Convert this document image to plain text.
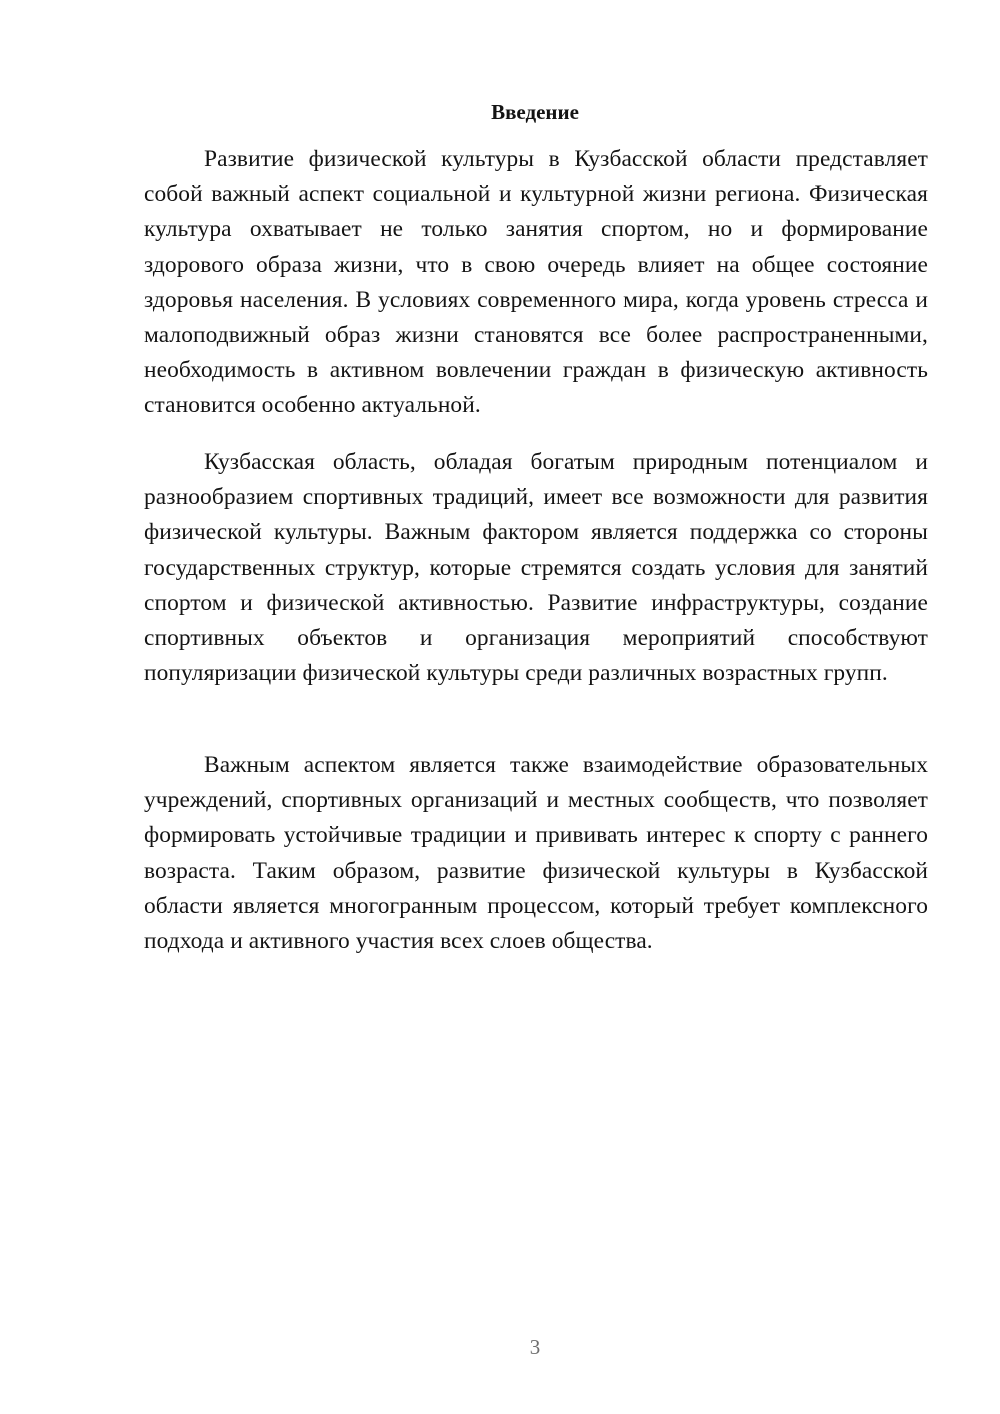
Введение

Развитие физической культуры в Кузбасской области представляет собой важный аспект социальной и культурной жизни региона. Физическая культура охватывает не только занятия спортом, но и формирование здорового образа жизни, что в свою очередь влияет на общее состояние здоровья населения. В условиях современного мира, когда уровень стресса и малоподвижный образ жизни становятся все более распространенными, необходимость в активном вовлечении граждан в физическую активность становится особенно актуальной.

Кузбасская область, обладая богатым природным потенциалом и разнообразием спортивных традиций, имеет все возможности для развития физической культуры. Важным фактором является поддержка со стороны государственных структур, которые стремятся создать условия для занятий спортом и физической активностью. Развитие инфраструктуры, создание спортивных объектов и организация мероприятий способствуют популяризации физической культуры среди различных возрастных групп.

Важным аспектом является также взаимодействие образовательных учреждений, спортивных организаций и местных сообществ, что позволяет формировать устойчивые традиции и прививать интерес к спорту с раннего возраста. Таким образом, развитие физической культуры в Кузбасской области является многогранным процессом, который требует комплексного подхода и активного участия всех слоев общества.

3
